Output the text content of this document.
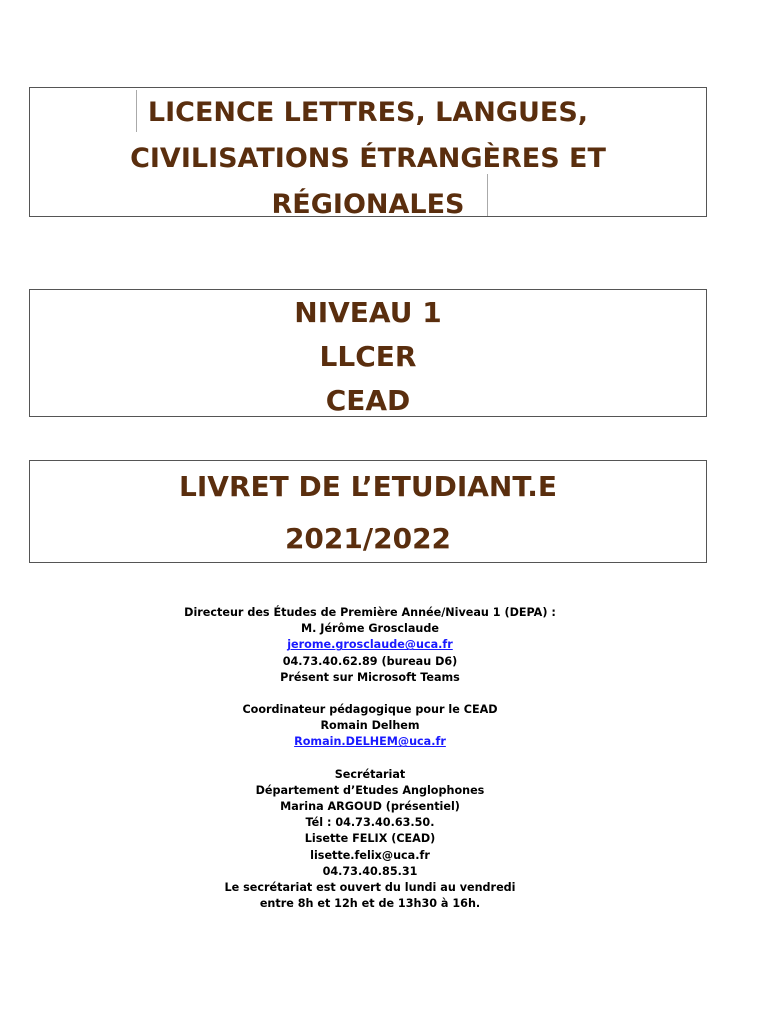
LICENCE LETTRES, LANGUES,

CIVILISATIONS ÉTRANGÈRES ET

RÉGIONALES

NIVEAU 1

LLCER

CEAD

LIVRET DE L’ETUDIANT.E

2021/2022

Directeur des Études de Première Année/Niveau 1 (DEPA) :
M. Jérôme Grosclaude
jerome.grosclaude@uca.fr
04.73.40.62.89 (bureau D6)
Présent sur Microsoft Teams
Coordinateur pédagogique pour le CEAD
Romain Delhem
Romain.DELHEM@uca.fr
Secrétariat
Département d’Etudes Anglophones
Marina ARGOUD (présentiel)
Tél : 04.73.40.63.50.
Lisette FELIX (CEAD)
lisette.felix@uca.fr
04.73.40.85.31
Le secrétariat est ouvert du lundi au vendredi
entre 8h et 12h et de 13h30 à 16h.
